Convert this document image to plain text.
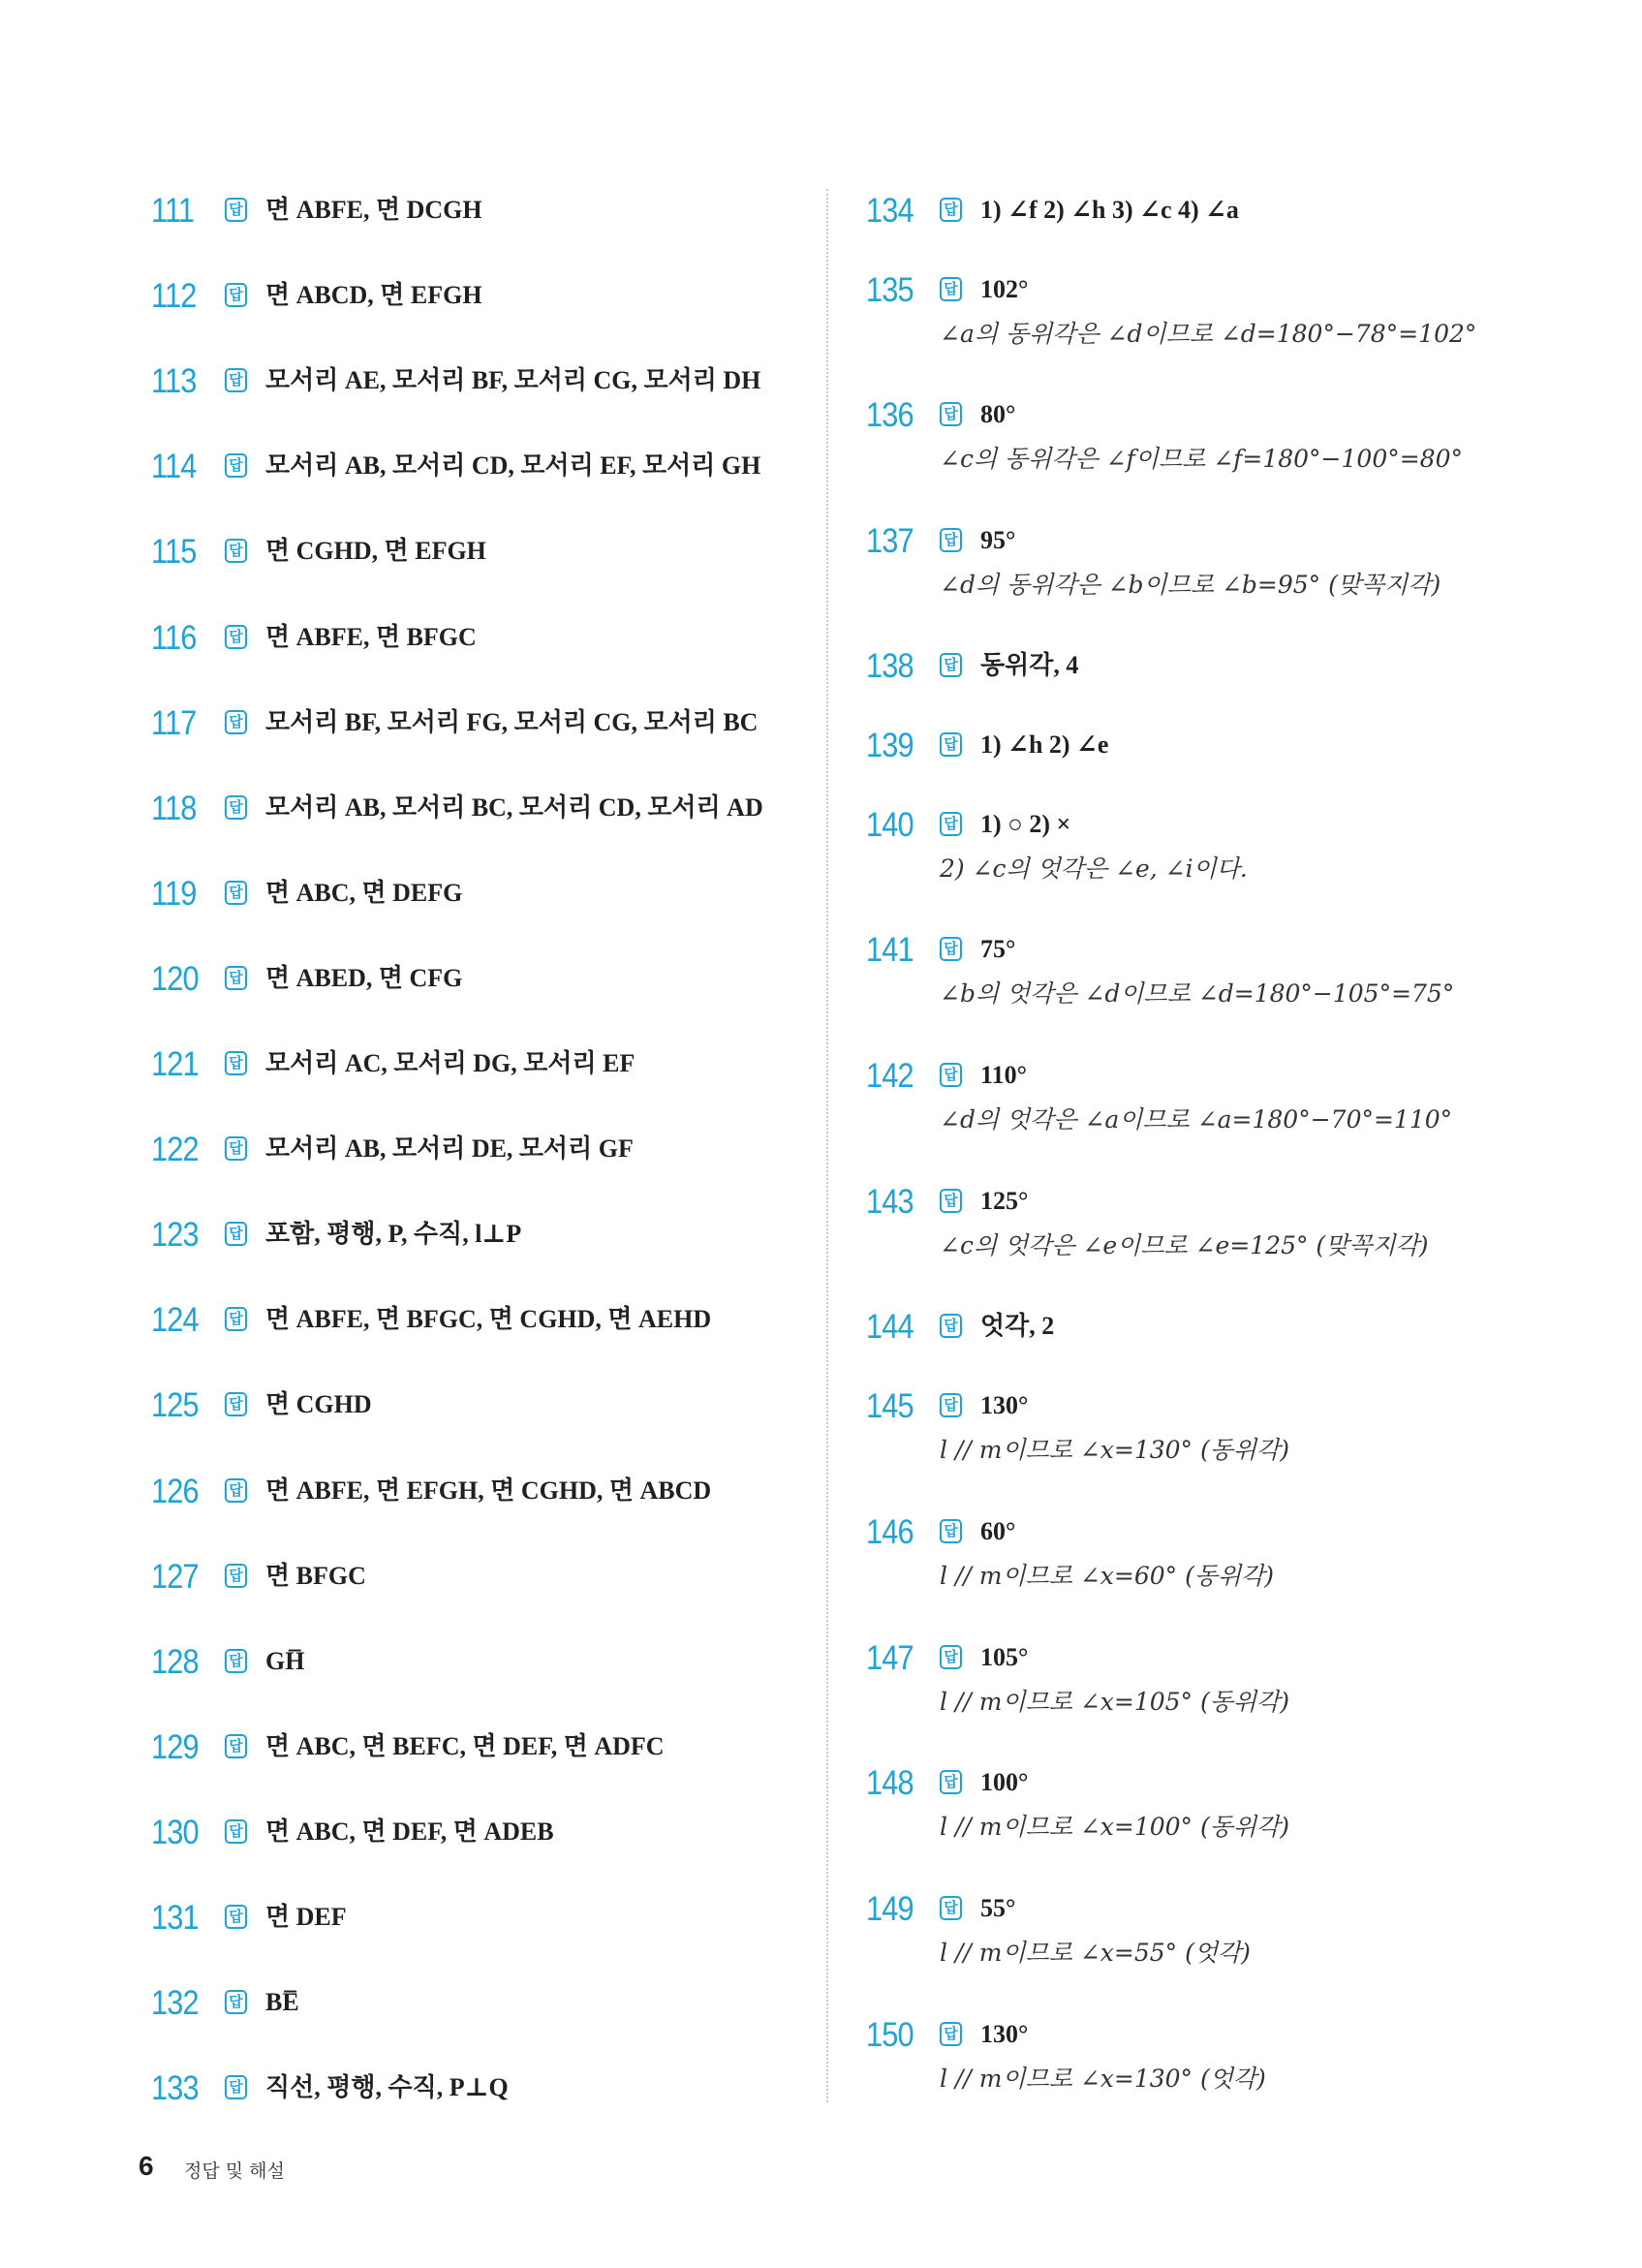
111 답 면 ABFE, 면 DCGH
112 답 면 ABCD, 면 EFGH
113 답 모서리 AE, 모서리 BF, 모서리 CG, 모서리 DH
114 답 모서리 AB, 모서리 CD, 모서리 EF, 모서리 GH
115 답 면 CGHD, 면 EFGH
116 답 면 ABFE, 면 BFGC
117 답 모서리 BF, 모서리 FG, 모서리 CG, 모서리 BC
118 답 모서리 AB, 모서리 BC, 모서리 CD, 모서리 AD
119 답 면 ABC, 면 DEFG
120 답 면 ABED, 면 CFG
121 답 모서리 AC, 모서리 DG, 모서리 EF
122 답 모서리 AB, 모서리 DE, 모서리 GF
123 답 포함, 평행, P, 수직, l⊥P
124 답 면 ABFE, 면 BFGC, 면 CGHD, 면 AEHD
125 답 면 CGHD
126 답 면 ABFE, 면 EFGH, 면 CGHD, 면 ABCD
127 답 면 BFGC
128 답 GH̅
129 답 면 ABC, 면 BEFC, 면 DEF, 면 ADFC
130 답 면 ABC, 면 DEF, 면 ADEB
131 답 면 DEF
132 답 BE̅
133 답 직선, 평행, 수직, P⊥Q
134 답 1) ∠f 2) ∠h 3) ∠c 4) ∠a
135 답 102°
∠a의 동위각은 ∠d이므로 ∠d=180°−78°=102°
136 답 80°
∠c의 동위각은 ∠f이므로 ∠f=180°−100°=80°
137 답 95°
∠d의 동위각은 ∠b이므로 ∠b=95° (맞꼭지각)
138 답 동위각, 4
139 답 1) ∠h 2) ∠e
140 답 1) ○ 2) ×
2) ∠c의 엇각은 ∠e, ∠i이다.
141 답 75°
∠b의 엇각은 ∠d이므로 ∠d=180°−105°=75°
142 답 110°
∠d의 엇각은 ∠a이므로 ∠a=180°−70°=110°
143 답 125°
∠c의 엇각은 ∠e이므로 ∠e=125° (맞꼭지각)
144 답 엇각, 2
145 답 130°
l // m이므로 ∠x=130° (동위각)
146 답 60°
l // m이므로 ∠x=60° (동위각)
147 답 105°
l // m이므로 ∠x=105° (동위각)
148 답 100°
l // m이므로 ∠x=100° (동위각)
149 답 55°
l // m이므로 ∠x=55° (엇각)
150 답 130°
l // m이므로 ∠x=130° (엇각)
6 정답 및 해설
